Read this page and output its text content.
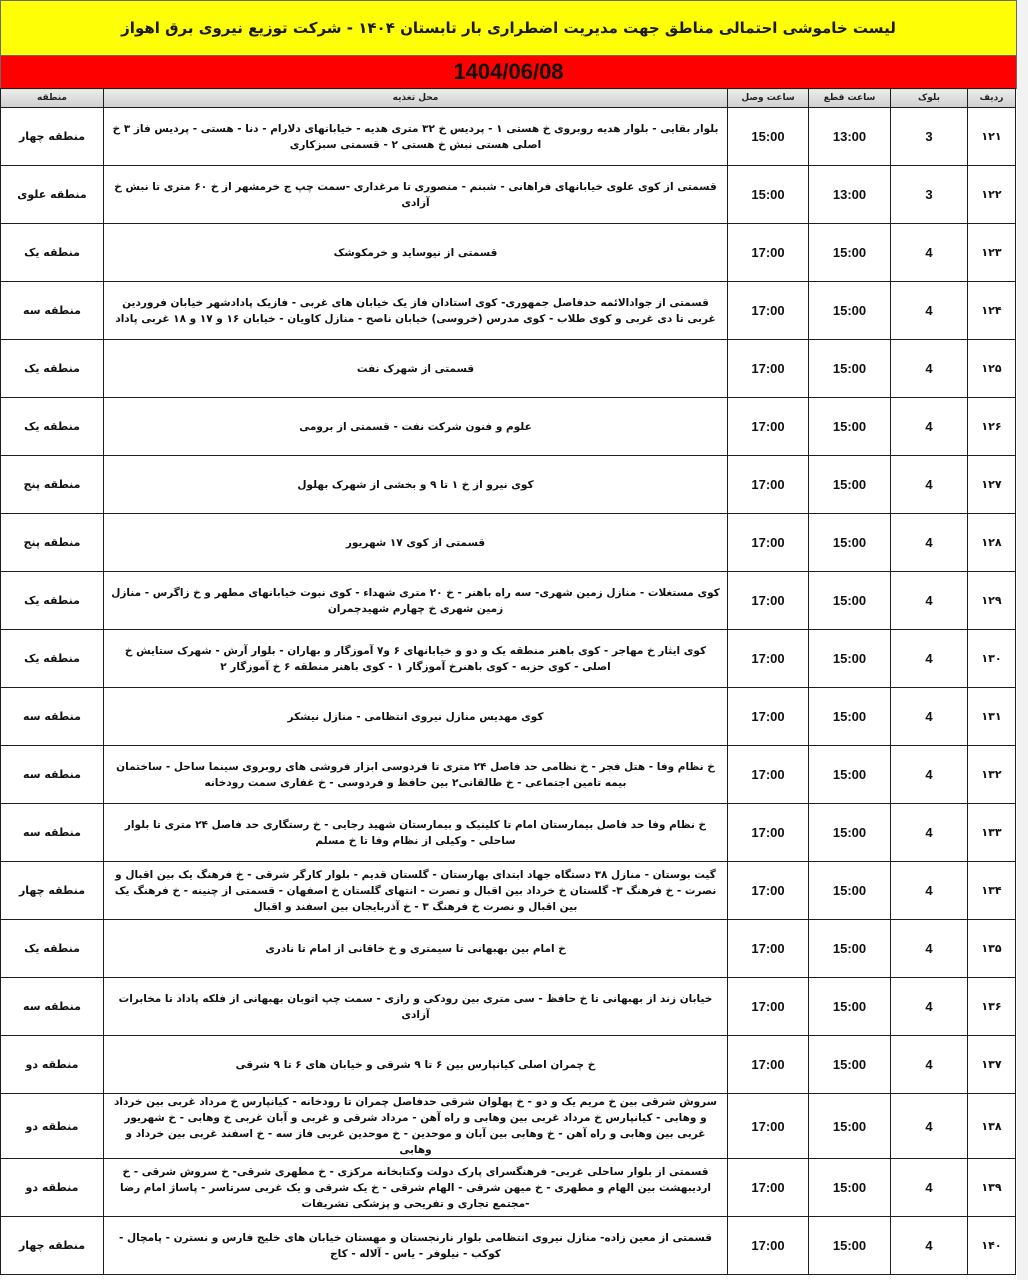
لیست خاموشی احتمالی مناطق جهت مدیریت اضطراری بار تابستان ۱۴۰۴ - شرکت توزیع نیروی برق اهواز
1404/06/08
ردیف	بلوک	ساعت قطع	ساعت وصل	محل تغذیه	منطقه
۱۲۱	3	13:00	15:00	بلوار بقایی - بلوار هدیه روبروی خ هستی ۱ - پردیس خ ۳۲ متری هدیه - خیابانهای دلارام - دنا - هستی - پردیس فاز ۳ خ اصلی هستی نبش خ هستی ۲ - قسمتی سبزکاری	منطقه چهار
۱۲۲	3	13:00	15:00	قسمتی از کوی علوی خیابانهای فراهانی - شبنم - منصوری تا مرغداری -سمت چپ ج خرمشهر از خ ۶۰ متری تا نبش خ آزادی	منطقه علوی
۱۲۳	4	15:00	17:00	قسمتی از نیوساید و خرمکوشک	منطقه یک
۱۲۴	4	15:00	17:00	قسمتی از جوادالائمه حدفاصل جمهوری- کوی استادان فاز یک خیابان های غربی - فازیک پادادشهر خیابان فروردین غربی تا دی غربی و کوی طلاب - کوی مدرس (خروسی) خیابان ناصح - منازل کاویان - خیابان ۱۶ و ۱۷ و ۱۸ غربی پاداد	منطقه سه
۱۲۵	4	15:00	17:00	قسمتی از شهرک نفت	منطقه یک
۱۲۶	4	15:00	17:00	علوم و فنون شرکت نفت - قسمتی از برومی	منطقه یک
۱۲۷	4	15:00	17:00	کوی نیرو از خ ۱ تا ۹ و بخشی از شهرک بهلول	منطقه پنج
۱۲۸	4	15:00	17:00	قسمتی از کوی ۱۷ شهریور	منطقه پنج
۱۲۹	4	15:00	17:00	کوی مستغلات - منازل زمین شهری- سه راه باهنر - خ ۲۰ متری شهداء - کوی نبوت خیابانهای مطهر و خ زاگرس - منازل زمین شهری خ چهارم شهیدچمران	منطقه یک
۱۳۰	4	15:00	17:00	کوی ایثار خ مهاجر - کوی باهنر منطقه یک و دو و خیابانهای ۶ و۷ آموزگار و بهاران - بلوار آرش - شهرک ستایش خ اصلی - کوی حزبه - کوی باهنرخ آموزگار ۱ - کوی باهنر منطقه ۶ خ آموزگار ۲	منطقه یک
۱۳۱	4	15:00	17:00	کوی مهدیس منازل نیروی انتظامی - منازل نیشکر	منطقه سه
۱۳۲	4	15:00	17:00	خ نظام وفا - هتل فجر - خ نظامی حد فاصل ۲۴ متری تا فردوسی ابزار فروشی های روبروی سینما ساحل - ساختمان بیمه تامین اجتماعی - خ طالقانی۲ بین حافظ و فردوسی - خ غفاری سمت رودخانه	منطقه سه
۱۳۳	4	15:00	17:00	خ نظام وفا حد فاصل بیمارستان امام تا کلینیک و بیمارستان شهید رجایی - خ رستگاری حد فاصل ۲۴ متری تا بلوار ساحلی - وکیلی از نظام وفا تا خ مسلم	منطقه سه
۱۳۴	4	15:00	17:00	گیت بوستان - منازل ۳۸ دستگاه جهاد ابتدای بهارستان - گلستان قدیم - بلوار کارگر شرقی - خ فرهنگ یک بین اقبال و نصرت - خ فرهنگ ۳- گلستان خ خرداد بین اقبال و نصرت - انتهای گلستان خ اصفهان - قسمتی از چنینه - خ فرهنگ یک بین اقبال و نصرت خ فرهنگ ۳ - خ آذربایجان بین اسفند و اقبال	منطقه چهار
۱۳۵	4	15:00	17:00	خ امام بین بهبهانی تا سیمتری و خ خاقانی از امام تا نادری	منطقه یک
۱۳۶	4	15:00	17:00	خیابان زند از بهبهانی تا خ حافظ - سی متری بین رودکی و رازی - سمت چپ اتوبان بهبهانی از فلکه پاداد تا مخابرات آزادی	منطقه سه
۱۳۷	4	15:00	17:00	خ چمران اصلی کیانپارس بین ۶ تا ۹ شرقی و خیابان های ۶ تا ۹ شرقی	منطقه دو
۱۳۸	4	15:00	17:00	سروش شرقی بین خ مریم یک و دو - خ پهلوان شرقی حدفاصل چمران تا رودخانه - کیانپارس خ مرداد غربی بین خرداد و وهابی - کیانپارس خ مرداد غربی بین وهابی و راه آهن - مرداد شرقی و غربی و آبان غربی خ وهابی - خ شهریور غربی بین وهابی و راه آهن - خ وهابی بین آبان و موحدین - خ موحدین غربی فاز سه - خ اسفند غربی بین خرداد و وهابی	منطقه دو
۱۳۹	4	15:00	17:00	قسمتی از بلوار ساحلی غربی- فرهنگسرای پارک دولت وکتابخانه مرکزی - خ مطهری شرقی- خ سروش شرقی - خ اردیبهشت بین الهام و مطهری - خ میهن شرقی - الهام شرقی - خ یک شرقی و یک غربی سرتاسر - پاساژ امام رضا -مجتمع تجاری و تفریحی و پزشکی تشریفات	منطقه دو
۱۴۰	4	15:00	17:00	قسمتی از معین زاده- منازل نیروی انتظامی بلوار نارنجستان و مهستان خیابان های خلیج فارس و نسترن - پامچال - کوکب - نیلوفر - یاس - آلاله - کاج	منطقه چهار
